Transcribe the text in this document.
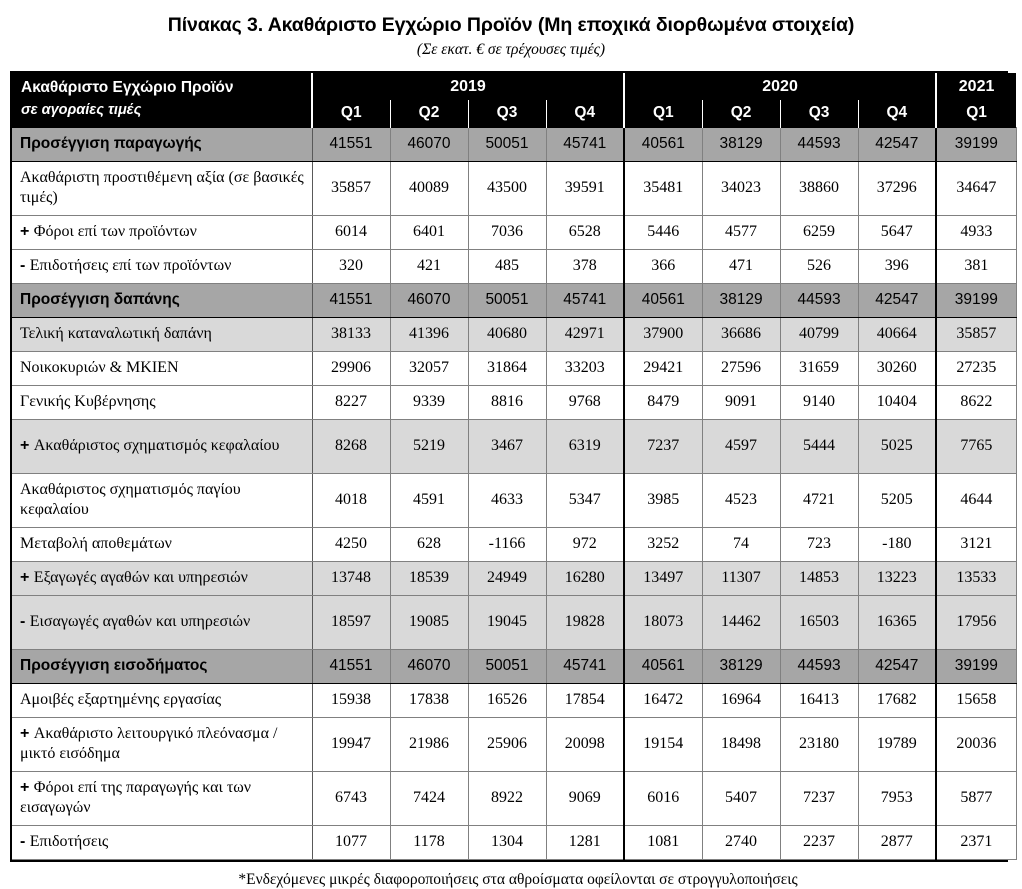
Πίνακας 3. Ακαθάριστο Εγχώριο Προϊόν (Μη εποχικά διορθωμένα στοιχεία)
(Σε εκατ. € σε τρέχουσες τιμές)
Ακαθάριστο Εγχώριο Προϊόν
σε αγοραίες τιμές	2019				2020				2021
	Q1	Q2	Q3	Q4	Q1	Q2	Q3	Q4	Q1
Προσέγγιση παραγωγής	41551	46070	50051	45741	40561	38129	44593	42547	39199
Ακαθάριστη προστιθέμενη αξία (σε βασικές τιμές)	35857	40089	43500	39591	35481	34023	38860	37296	34647
+ Φόροι επί των προϊόντων	6014	6401	7036	6528	5446	4577	6259	5647	4933
- Επιδοτήσεις επί των προϊόντων	320	421	485	378	366	471	526	396	381
Προσέγγιση δαπάνης	41551	46070	50051	45741	40561	38129	44593	42547	39199
Τελική καταναλωτική δαπάνη	38133	41396	40680	42971	37900	36686	40799	40664	35857
Νοικοκυριών & ΜΚΙΕΝ	29906	32057	31864	33203	29421	27596	31659	30260	27235
Γενικής Κυβέρνησης	8227	9339	8816	9768	8479	9091	9140	10404	8622
+ Ακαθάριστος σχηματισμός κεφαλαίου	8268	5219	3467	6319	7237	4597	5444	5025	7765
Ακαθάριστος σχηματισμός παγίου κεφαλαίου	4018	4591	4633	5347	3985	4523	4721	5205	4644
Μεταβολή αποθεμάτων	4250	628	-1166	972	3252	74	723	-180	3121
+ Εξαγωγές αγαθών και υπηρεσιών	13748	18539	24949	16280	13497	11307	14853	13223	13533
- Εισαγωγές αγαθών και υπηρεσιών	18597	19085	19045	19828	18073	14462	16503	16365	17956
Προσέγγιση εισοδήματος	41551	46070	50051	45741	40561	38129	44593	42547	39199
Αμοιβές εξαρτημένης εργασίας	15938	17838	16526	17854	16472	16964	16413	17682	15658
+ Ακαθάριστο λειτουργικό πλεόνασμα / μικτό εισόδημα	19947	21986	25906	20098	19154	18498	23180	19789	20036
+ Φόροι επί της παραγωγής και των εισαγωγών	6743	7424	8922	9069	6016	5407	7237	7953	5877
- Επιδοτήσεις	1077	1178	1304	1281	1081	2740	2237	2877	2371
*Ενδεχόμενες μικρές διαφοροποιήσεις στα αθροίσματα οφείλονται σε στρογγυλοποιήσεις
